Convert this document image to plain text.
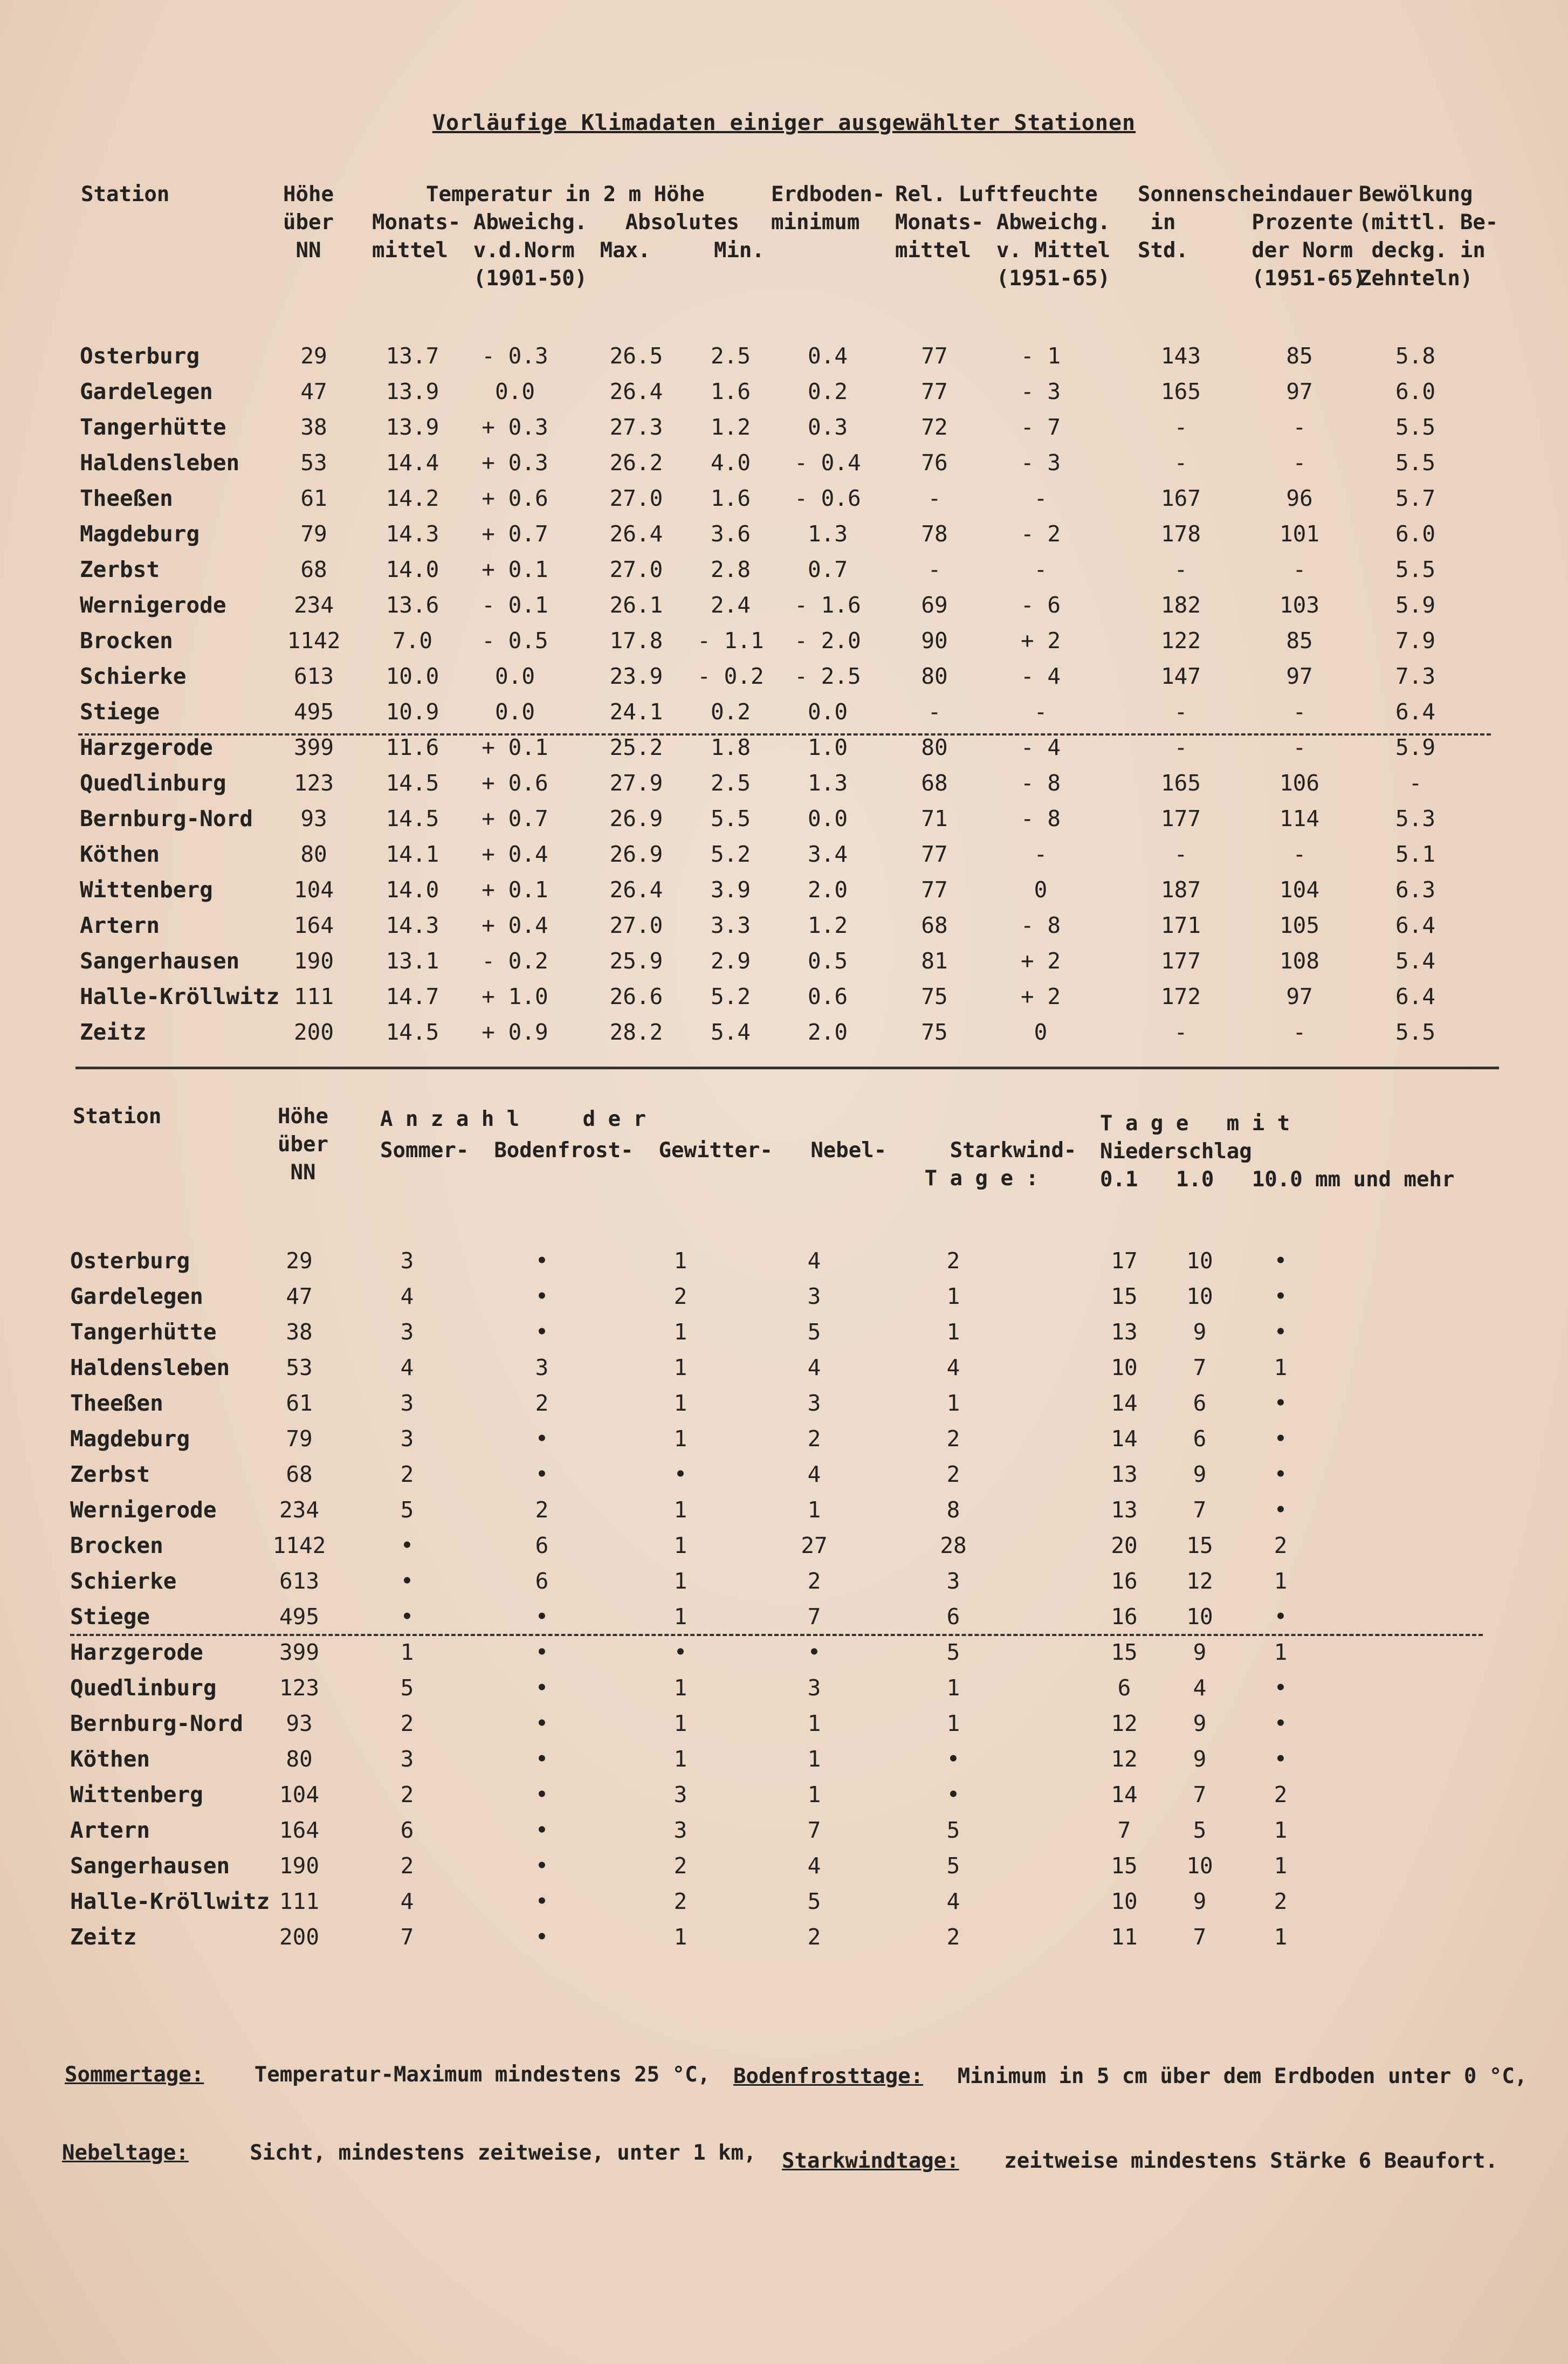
Vorläufige Klimadaten einiger ausgewählter Stationen
Station	Höhe
über
NN
Temperatur in 2 m Höhe
Monats- Abweichg.   Absolutes
mittel  v.d.Norm  Max.     Min.
(1901-50)
Erdboden-
minimum
Rel. Luftfeuchte
Monats- Abweichg.
mittel  v. Mittel
(1951-65)
Sonnenscheindauer
in      Prozente
Std.     der Norm
(1951-65)
Bewölkung
(mittl. Be-
deckg. in
Zehnteln)
Osterburg	29	13.7 - 0.3	26.5 2.5	0.4	77	- 1	143	85	5.8
Gardelegen	47	13.9	0.0	26.4 1.6	0.2	77	- 3	165	97	6.0
Tangerhütte	38	13.9 + 0.3	27.3 1.2	0.3	72	- 7	-	-	5.5
Haldensleben	53	14.4 + 0.3	26.2 4.0 - 0.4	76	- 3	-	-	5.5
Theeßen	61	14.2 + 0.6	27.0 1.6 - 0.6	-	-	167	96	5.7
Magdeburg	79	14.3 + 0.7	26.4 3.6	1.3	78	- 2	178	101	6.0
Zerbst	68	14.0 + 0.1	27.0 2.8	0.7	-	-	-	-	5.5
Wernigerode	234 13.6 - 0.1	26.1 2.4 - 1.6	69	- 6	182	103	5.9
Brocken	1142 7.0 - 0.5	17.8 - 1.1 - 2.0	90	+ 2	122	85	7.9
Schierke	613 10.0	0.0	23.9 - 0.2 - 2.5	80	- 4	147	97	7.3
Stiege	495 10.9	0.0	24.1 0.2	0.0	-	-	-	-	6.4
Harzgerode	399 11.6 + 0.1	25.2 1.8	1.0	80	- 4	-	-	5.9
Quedlinburg	123 14.5 + 0.6	27.9 2.5	1.3	68	- 8	165	106	-
Bernburg-Nord 93	14.5 + 0.7	26.9 5.5	0.0	71	- 8	177	114	5.3
Köthen	80	14.1 + 0.4	26.9 5.2	3.4	77	-	-	-	5.1
Wittenberg	104 14.0 + 0.1	26.4 3.9	2.0	77	0	187	104	6.3
Artern	164 14.3 + 0.4	27.0 3.3	1.2	68	- 8	171	105	6.4
Sangerhausen 190 13.1 - 0.2	25.9 2.9	0.5	81	+ 2	177	108	5.4
Halle-Kröllwitz 111 14.7 + 1.0	26.6 5.2	0.6	75	+ 2	172	97	6.4
Zeitz	200 14.5 + 0.9	28.2 5.4	2.0	75	0	-	-	5.5
Station	Höhe
über
NN
A n z a h l     d e r
Sommer-  Bodenfrost-  Gewitter-   Nebel-     Starkwind-
T a g e :
T a g e   m i t
Niederschlag
0.1   1.0   10.0 mm und mehr
Osterburg	29	3	•	1	4	2	17 10	•
Gardelegen	47	4	•	2	3	1	15 10	•
Tangerhütte	38	3	•	1	5	1	13	9	•
Haldensleben	53	4	3	1	4	4	10	7	1
Theeßen	61	3	2	1	3	1	14	6	•
Magdeburg	79	3	•	1	2	2	14	6	•
Zerbst	68	2	•	•	4	2	13	9	•
Wernigerode	234	5	2	1	1	8	13	7	•
Brocken	1142	•	6	1	27	28	20 15	2
Schierke	613	•	6	1	2	3	16 12	1
Stiege	495	•	•	1	7	6	16 10	•
Harzgerode	399	1	•	•	•	5	15	9	1
Quedlinburg	123	5	•	1	3	1	6	4	•
Bernburg-Nord 93	2	•	1	1	1	12	9	•
Köthen	80	3	•	1	1	•	12	9	•
Wittenberg	104	2	•	3	1	•	14	7	2
Artern	164	6	•	3	7	5	7	5	1
Sangerhausen 190	2	•	2	4	5	15 10	1
Halle-Kröllwitz 111	4	•	2	5	4	10	9	2
Zeitz	200	7	•	1	2	2	11	7	1
Sommertage: Temperatur-Maximum mindestens 25 °C, Bodenfrosttage: Minimum in 5 cm über dem Erdboden unter 0 °C,
Nebeltage:	Sicht, mindestens zeitweise, unter 1 km, Starkwindtage: zeitweise mindestens Stärke 6 Beaufort.
